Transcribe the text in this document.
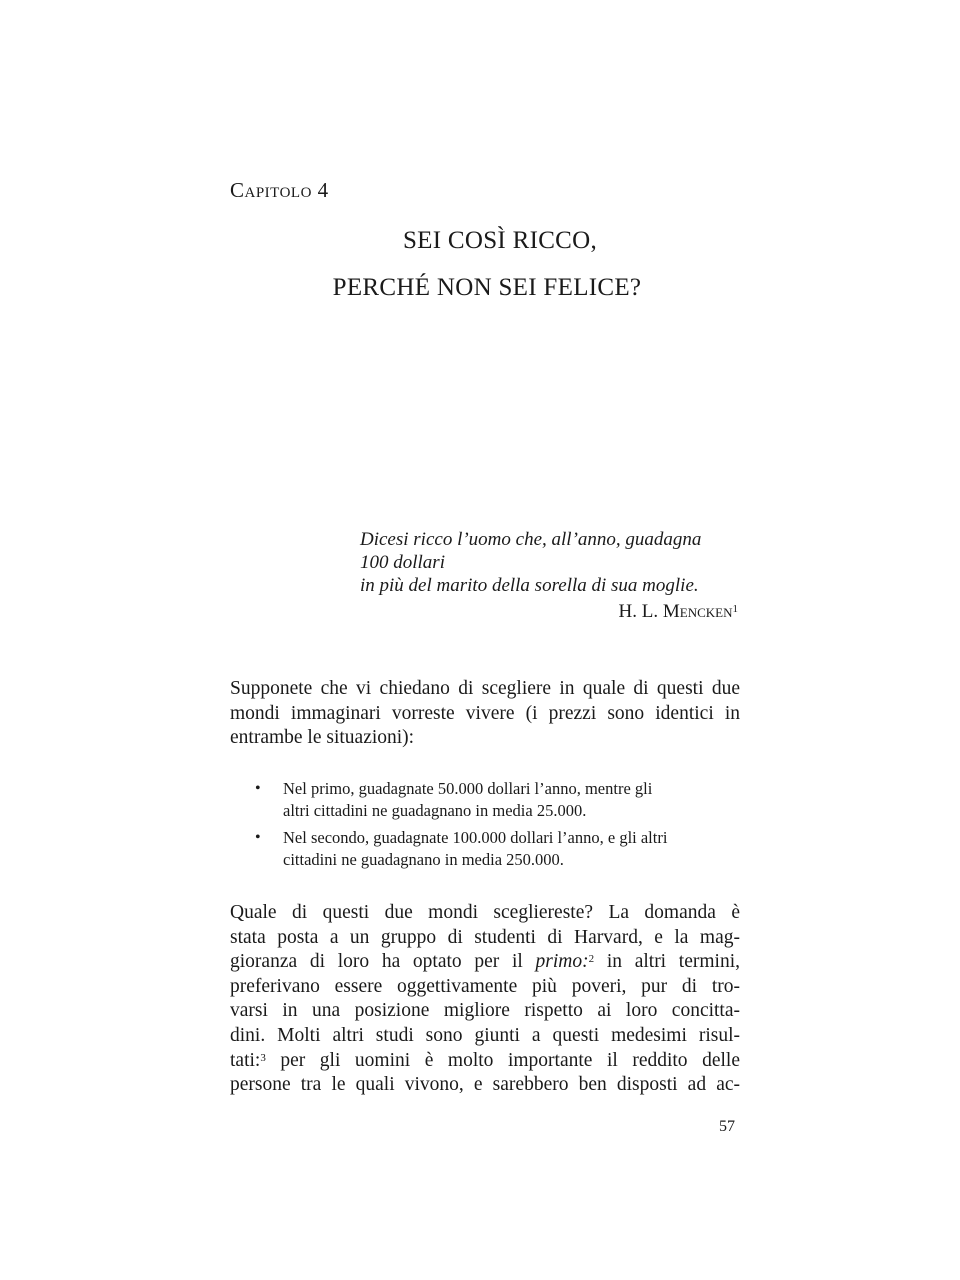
Capitolo 4
SEI COSÌ RICCO,
PERCHÉ NON SEI FELICE?
Dicesi ricco l’uomo che, all’anno, guadagna
100 dollari
in più del marito della sorella di sua moglie.
H. L. Mencken$^1$
Supponete che vi chiedano di scegliere in quale di questi due
mondi immaginari vorreste vivere (i prezzi sono identici in
entrambe le situazioni):
• Nel primo, guadagnate 50.000 dollari l’anno, mentre gli
altri cittadini ne guadagnano in media 25.000.
• Nel secondo, guadagnate 100.000 dollari l’anno, e gli altri
cittadini ne guadagnano in media 250.000.
Quale di questi due mondi scegliereste? La domanda è
stata posta a un gruppo di studenti di Harvard, e la mag-
gioranza di loro ha optato per il primo:$^2$ in altri termini,
preferivano essere oggettivamente più poveri, pur di tro-
varsi in una posizione migliore rispetto ai loro concitta-
dini. Molti altri studi sono giunti a questi medesimi risul-
tati:$^3$ per gli uomini è molto importante il reddito delle
persone tra le quali vivono, e sarebbero ben disposti ad ac-
57
